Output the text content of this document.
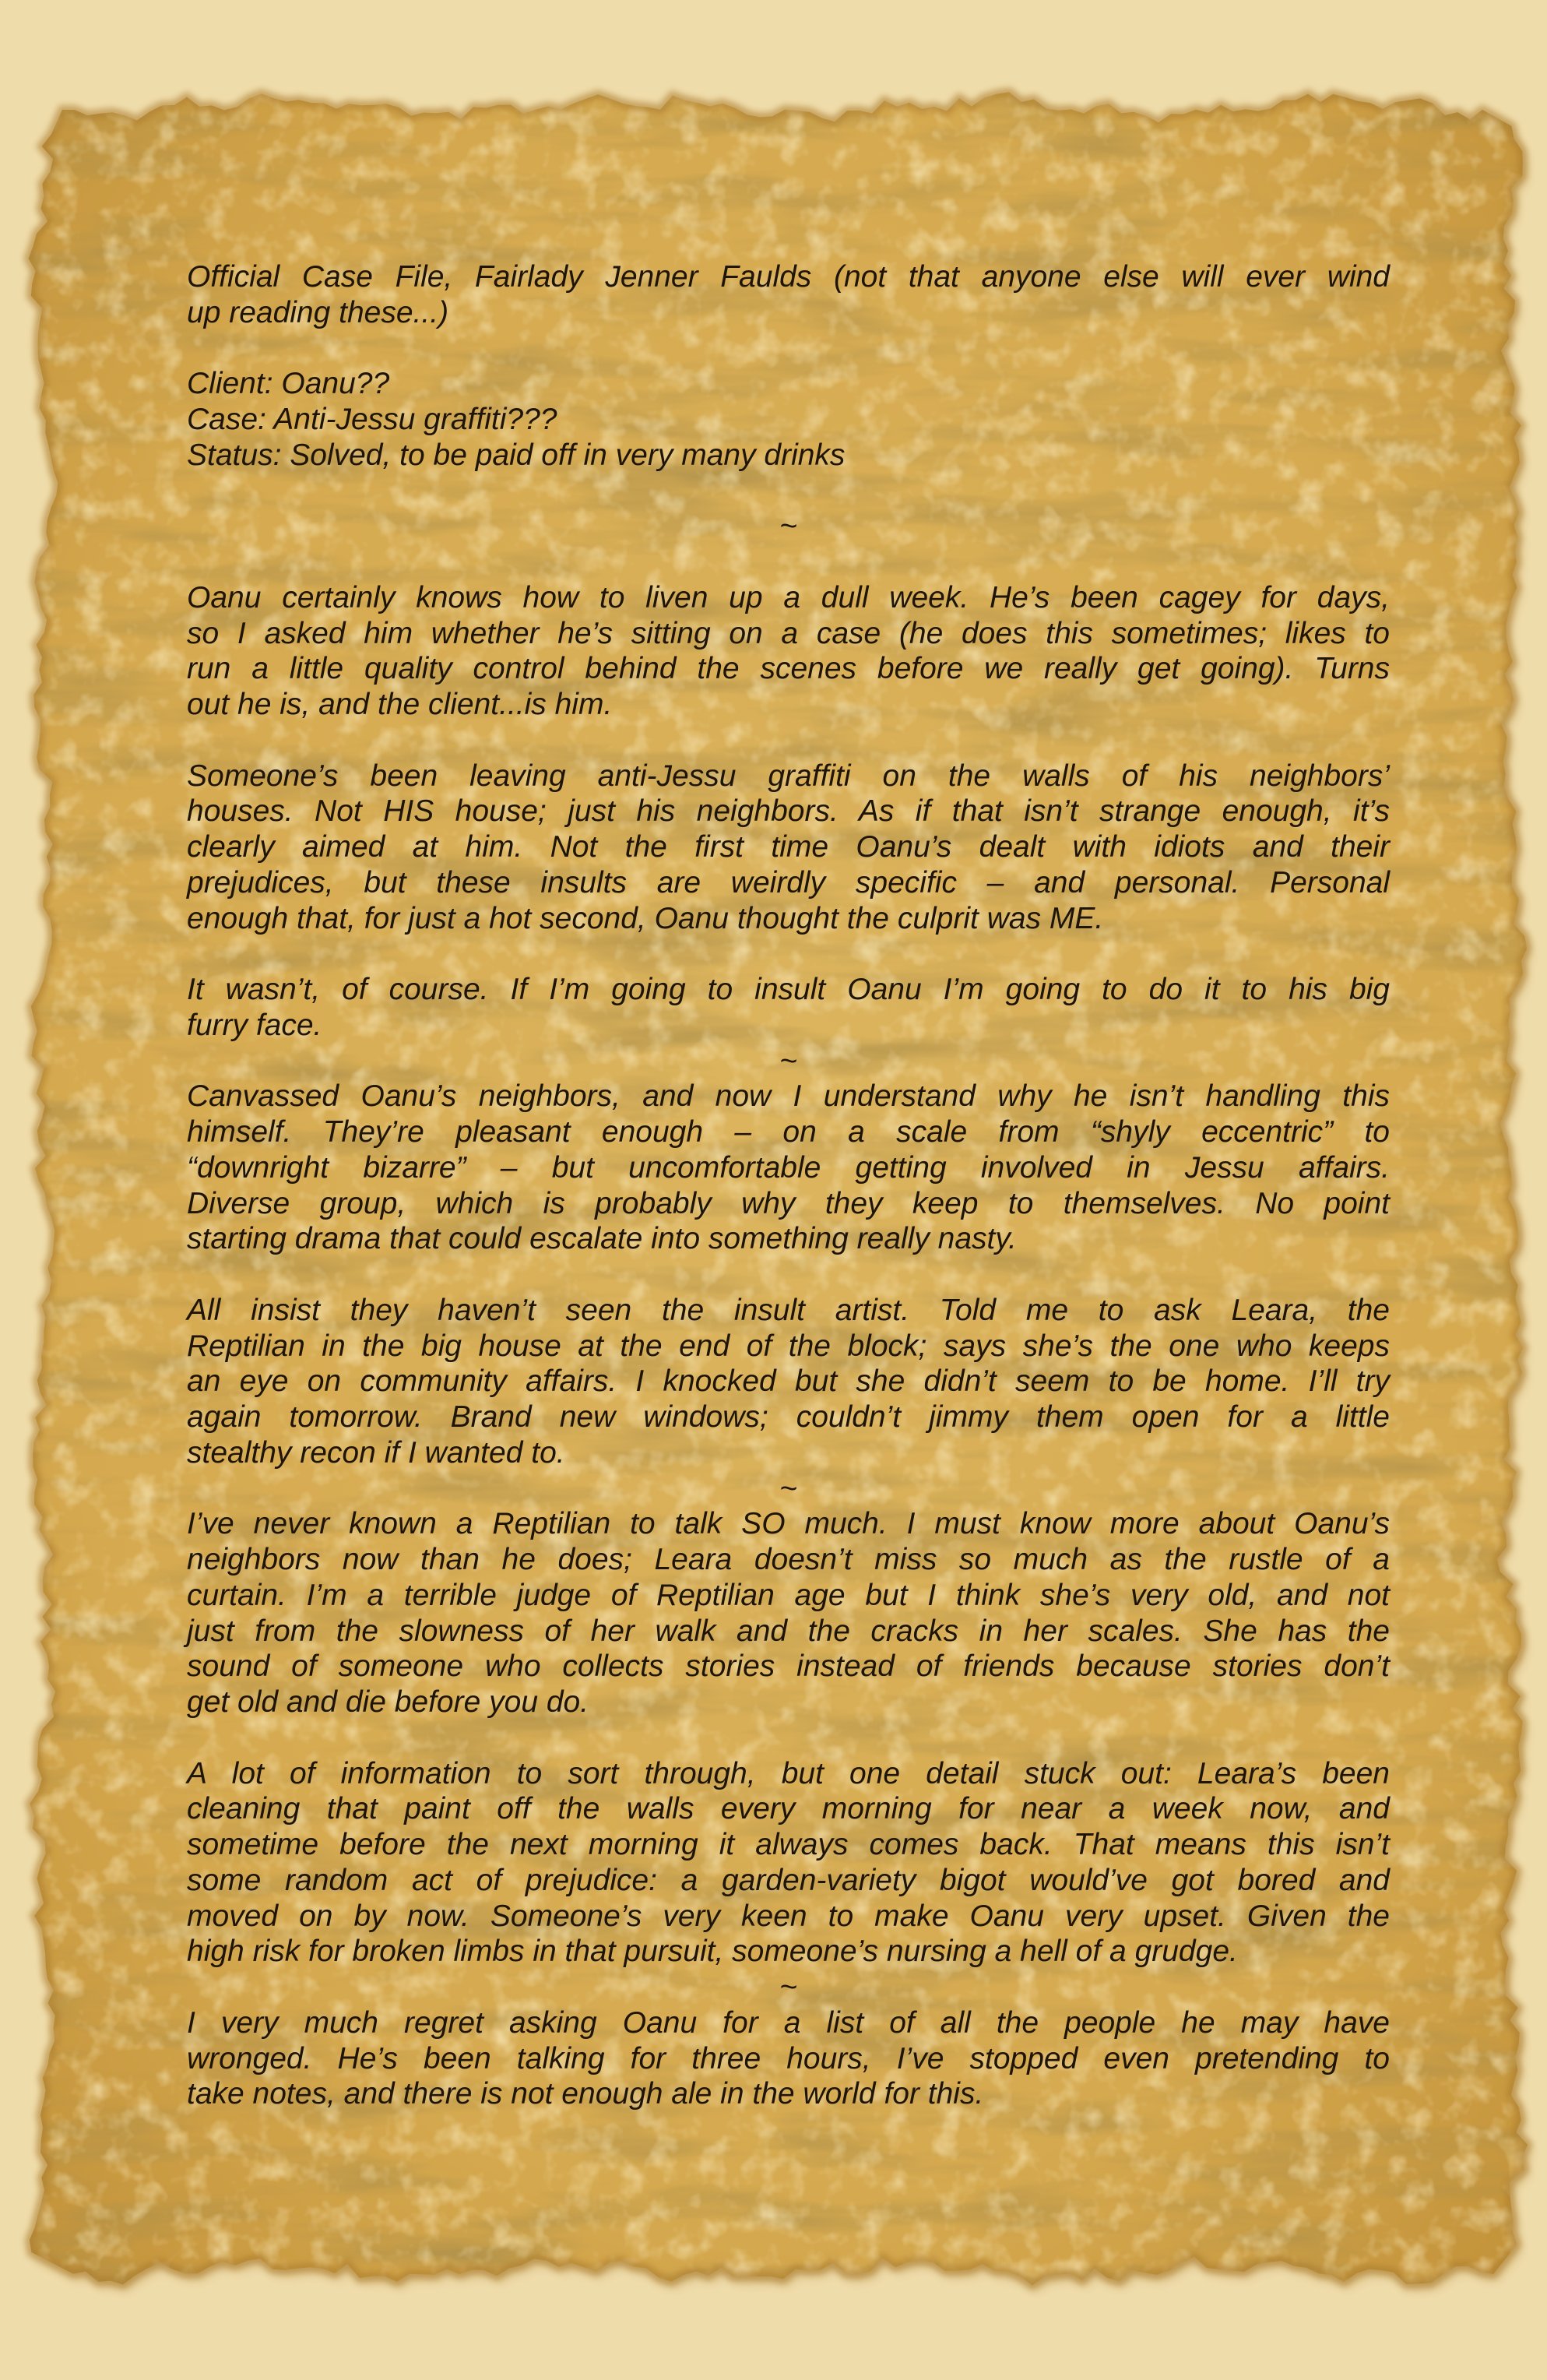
Official Case File, Fairlady Jenner Faulds (not that anyone else will ever wind
up reading these...)
Client: Oanu??
Case: Anti-Jessu graffiti???
Status: Solved, to be paid off in very many drinks
~
Oanu certainly knows how to liven up a dull week. He’s been cagey for days,
so I asked him whether he’s sitting on a case (he does this sometimes; likes to
run a little quality control behind the scenes before we really get going). Turns
out he is, and the client...is him.
Someone’s been leaving anti-Jessu graffiti on the walls of his neighbors’
houses. Not HIS house; just his neighbors. As if that isn’t strange enough, it’s
clearly aimed at him. Not the first time Oanu’s dealt with idiots and their
prejudices, but these insults are weirdly specific – and personal. Personal
enough that, for just a hot second, Oanu thought the culprit was ME.
It wasn’t, of course. If I’m going to insult Oanu I’m going to do it to his big
furry face.
~
Canvassed Oanu’s neighbors, and now I understand why he isn’t handling this
himself. They’re pleasant enough – on a scale from “shyly eccentric” to
“downright bizarre” – but uncomfortable getting involved in Jessu affairs.
Diverse group, which is probably why they keep to themselves. No point
starting drama that could escalate into something really nasty.
All insist they haven’t seen the insult artist. Told me to ask Leara, the
Reptilian in the big house at the end of the block; says she’s the one who keeps
an eye on community affairs. I knocked but she didn’t seem to be home. I’ll try
again tomorrow. Brand new windows; couldn’t jimmy them open for a little
stealthy recon if I wanted to.
~
I’ve never known a Reptilian to talk SO much. I must know more about Oanu’s
neighbors now than he does; Leara doesn’t miss so much as the rustle of a
curtain. I’m a terrible judge of Reptilian age but I think she’s very old, and not
just from the slowness of her walk and the cracks in her scales. She has the
sound of someone who collects stories instead of friends because stories don’t
get old and die before you do.
A lot of information to sort through, but one detail stuck out: Leara’s been
cleaning that paint off the walls every morning for near a week now, and
sometime before the next morning it always comes back. That means this isn’t
some random act of prejudice: a garden-variety bigot would’ve got bored and
moved on by now. Someone’s very keen to make Oanu very upset. Given the
high risk for broken limbs in that pursuit, someone’s nursing a hell of a grudge.
~
I very much regret asking Oanu for a list of all the people he may have
wronged. He’s been talking for three hours, I’ve stopped even pretending to
take notes, and there is not enough ale in the world for this.
